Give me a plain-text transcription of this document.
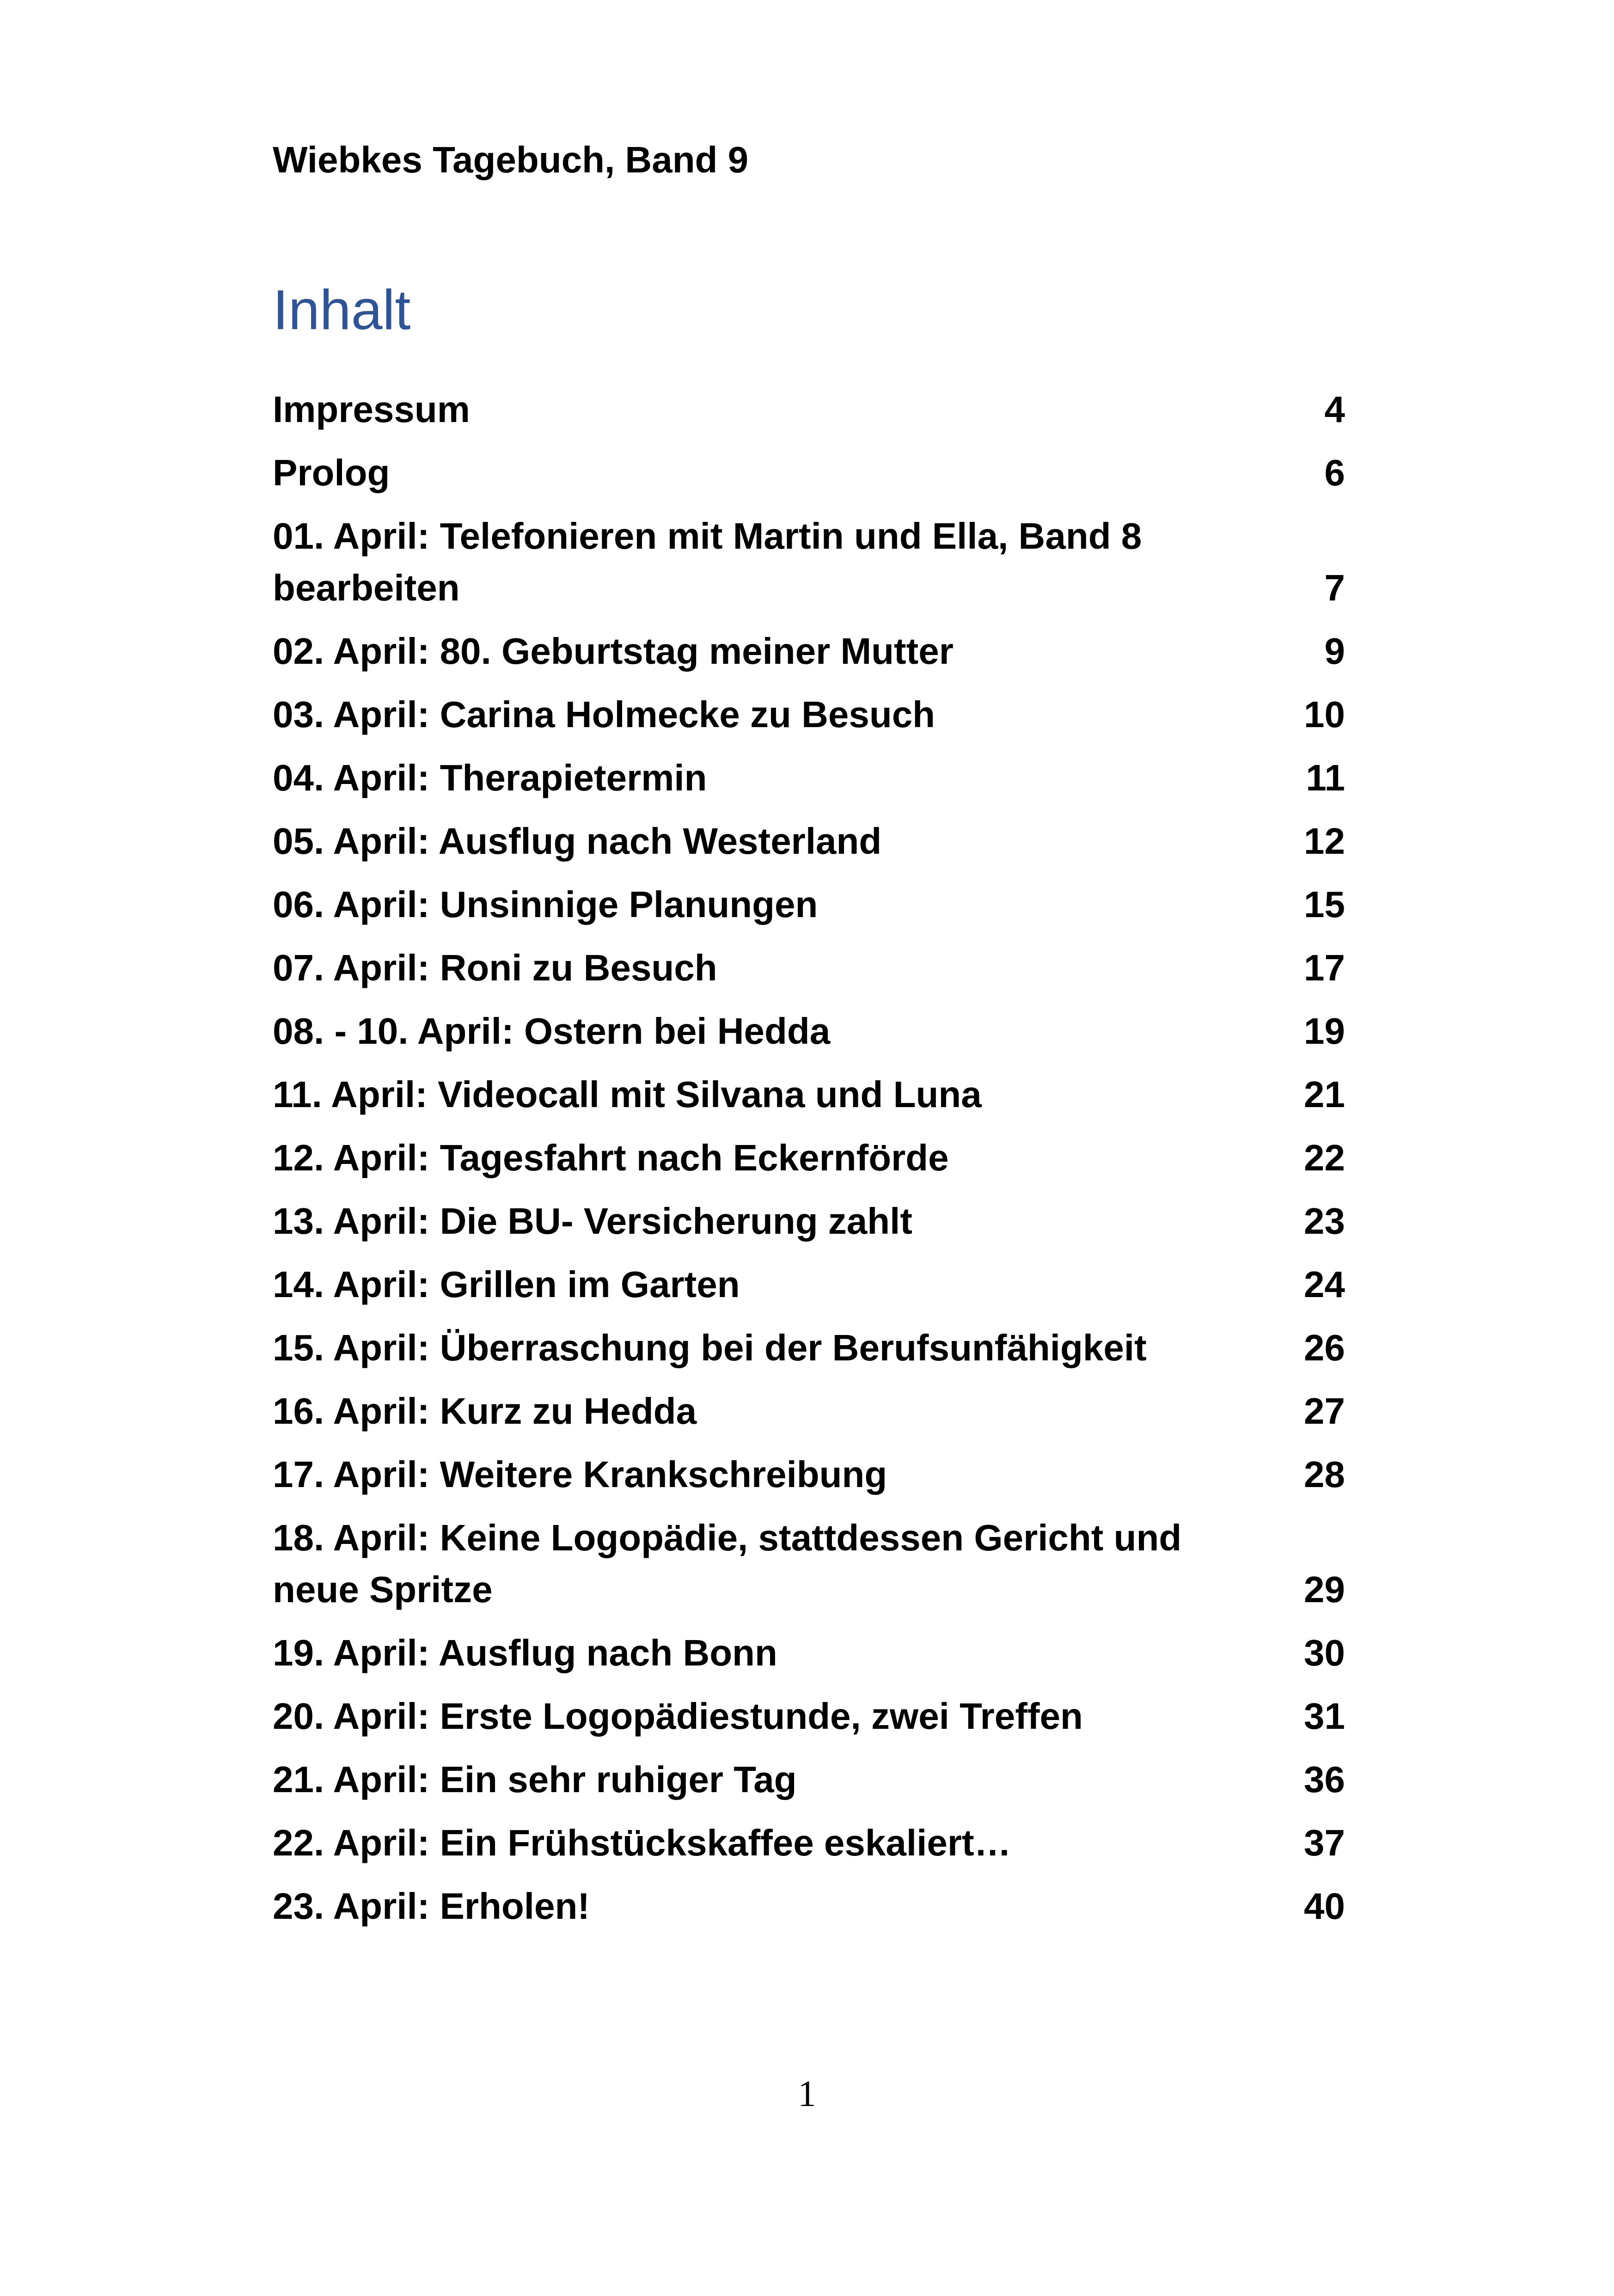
Wiebkes Tagebuch, Band 9
Inhalt
Impressum	4
Prolog	6
01. April: Telefonieren mit Martin und Ella, Band 8 bearbeiten	7
02. April: 80. Geburtstag meiner Mutter	9
03. April: Carina Holmecke zu Besuch	10
04. April: Therapietermin	11
05. April: Ausflug nach Westerland	12
06. April: Unsinnige Planungen	15
07. April: Roni zu Besuch	17
08. - 10. April: Ostern bei Hedda	19
11. April: Videocall mit Silvana und Luna	21
12. April: Tagesfahrt nach Eckernförde	22
13. April: Die BU- Versicherung zahlt	23
14. April: Grillen im Garten	24
15. April: Überraschung bei der Berufsunfähigkeit	26
16. April: Kurz zu Hedda	27
17. April: Weitere Krankschreibung	28
18. April: Keine Logopädie, stattdessen Gericht und neue Spritze	29
19. April: Ausflug nach Bonn	30
20. April: Erste Logopädiestunde, zwei Treffen	31
21. April: Ein sehr ruhiger Tag	36
22. April: Ein Frühstückskaffee eskaliert…	37
23. April: Erholen!	40
1
